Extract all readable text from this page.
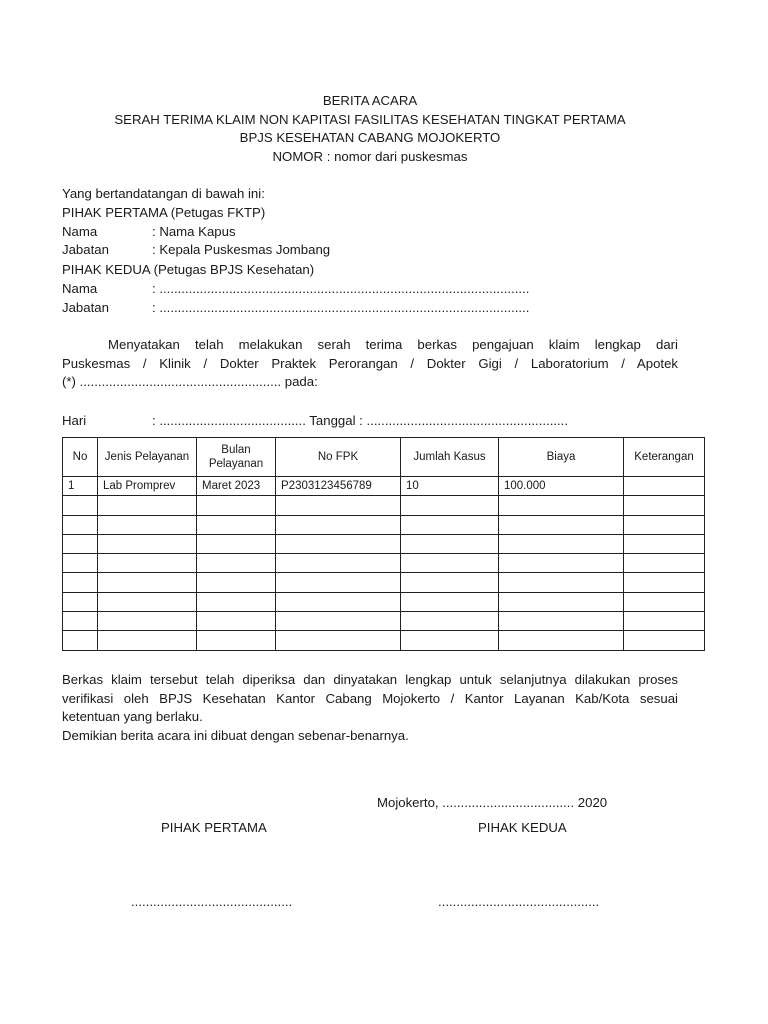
BERITA ACARA
SERAH TERIMA KLAIM NON KAPITASI FASILITAS KESEHATAN TINGKAT PERTAMA
BPJS KESEHATAN CABANG MOJOKERTO
NOMOR : nomor dari puskesmas
Yang bertandatangan di bawah ini:
PIHAK PERTAMA (Petugas FKTP)
Nama	: Nama Kapus
Jabatan	: Kepala Puskesmas Jombang
PIHAK KEDUA (Petugas BPJS Kesehatan)
Nama	: .....................................................................................................
Jabatan	: .....................................................................................................
Menyatakan telah melakukan serah terima berkas pengajuan klaim lengkap dari
Puskesmas / Klinik / Dokter Praktek Perorangan / Dokter Gigi / Laboratorium / Apotek
(*) ....................................................... pada:
Hari	: ........................................ Tanggal : .......................................................
No	Jenis Pelayanan	Bulan Pelayanan	No FPK	Jumlah Kasus	Biaya	Keterangan
1	Lab Promprev	Maret 2023	P2303123456789	10	100.000	

Berkas klaim tersebut telah diperiksa dan dinyatakan lengkap untuk selanjutnya dilakukan proses
verifikasi oleh BPJS Kesehatan Kantor Cabang Mojokerto / Kantor Layanan Kab/Kota sesuai
ketentuan yang berlaku.
Demikian berita acara ini dibuat dengan sebenar-benarnya.
Mojokerto, .................................... 2020
PIHAK PERTAMA	PIHAK KEDUA
............................................	............................................
